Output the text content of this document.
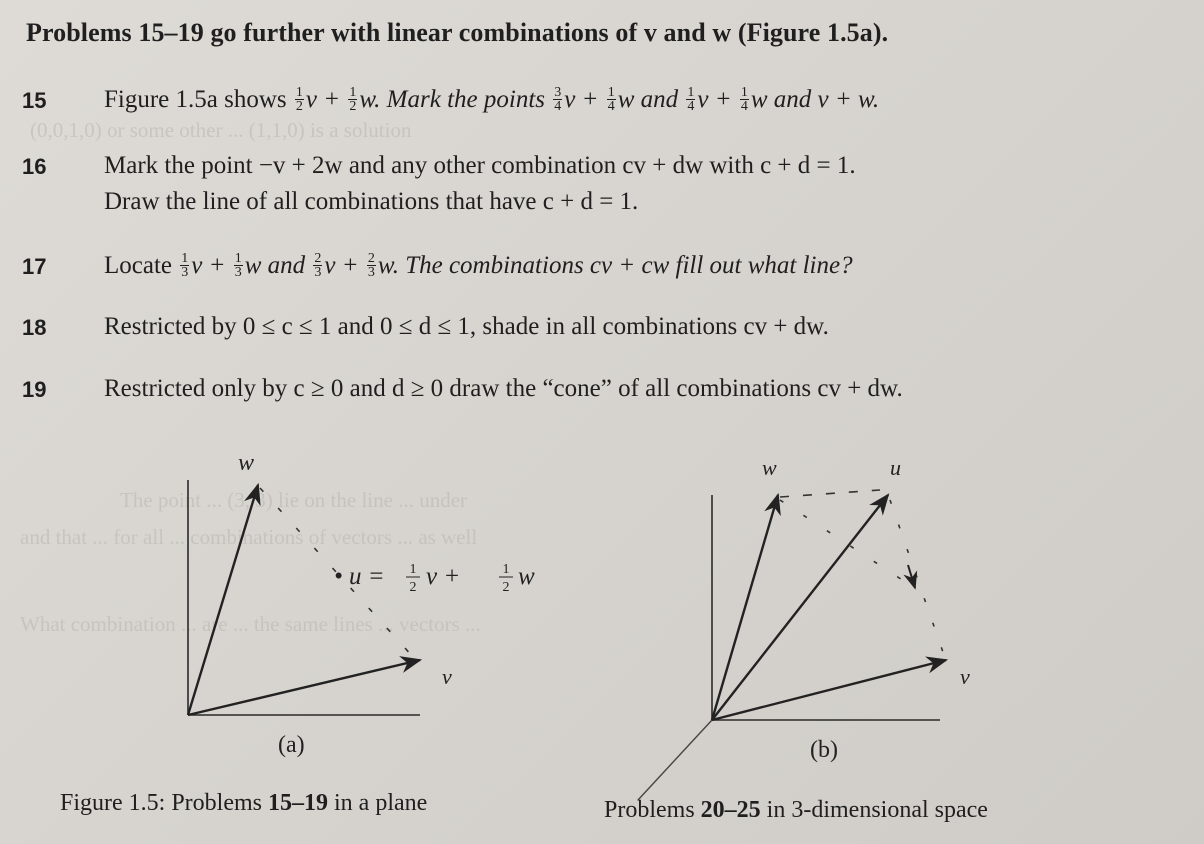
(0,0,1,0) or some other ... (1,1,0) is a solution
The point ... (3, 3) lie on the line ... under
and that ... for all ... combinations of vectors ... as well
What combination ... are ... the same lines ... vectors ...
Problems 15–19 go further with linear combinations of v and w (Figure 1.5a).
15 Figure 1.5a shows $\frac{1}{2}$ $v + \frac{1}{2} w$. Mark the points $\frac{3}{4}$ $v + \frac{1}{4}$ w and $\frac{1}{4}$ $v + \frac{1}{4}$ w and v + w.
16 Mark the point −v + 2w and any other combination cv + dw with c + d = 1.
Draw the line of all combinations that have c + d = 1.
17 Locate $\frac{1}{3}$ $v + \frac{1}{3}$ w and $\frac{2}{3}$ $v + \frac{2}{3} w$. The combinations cv + cw fill out what line?
18 Restricted by 0 ≤ c ≤ 1 and 0 ≤ d ≤ 1, shade in all combinations cv + dw.
19 Restricted only by c ≥ 0 and d ≥ 0 draw the “cone” of all combinations cv + dw.
w
v
• u = 1
2 v +	1
2 w
(a)
w	u
v
(b)
Figure 1.5: Problems 15–19 in a plane	Problems 20–25 in 3-dimensional space
